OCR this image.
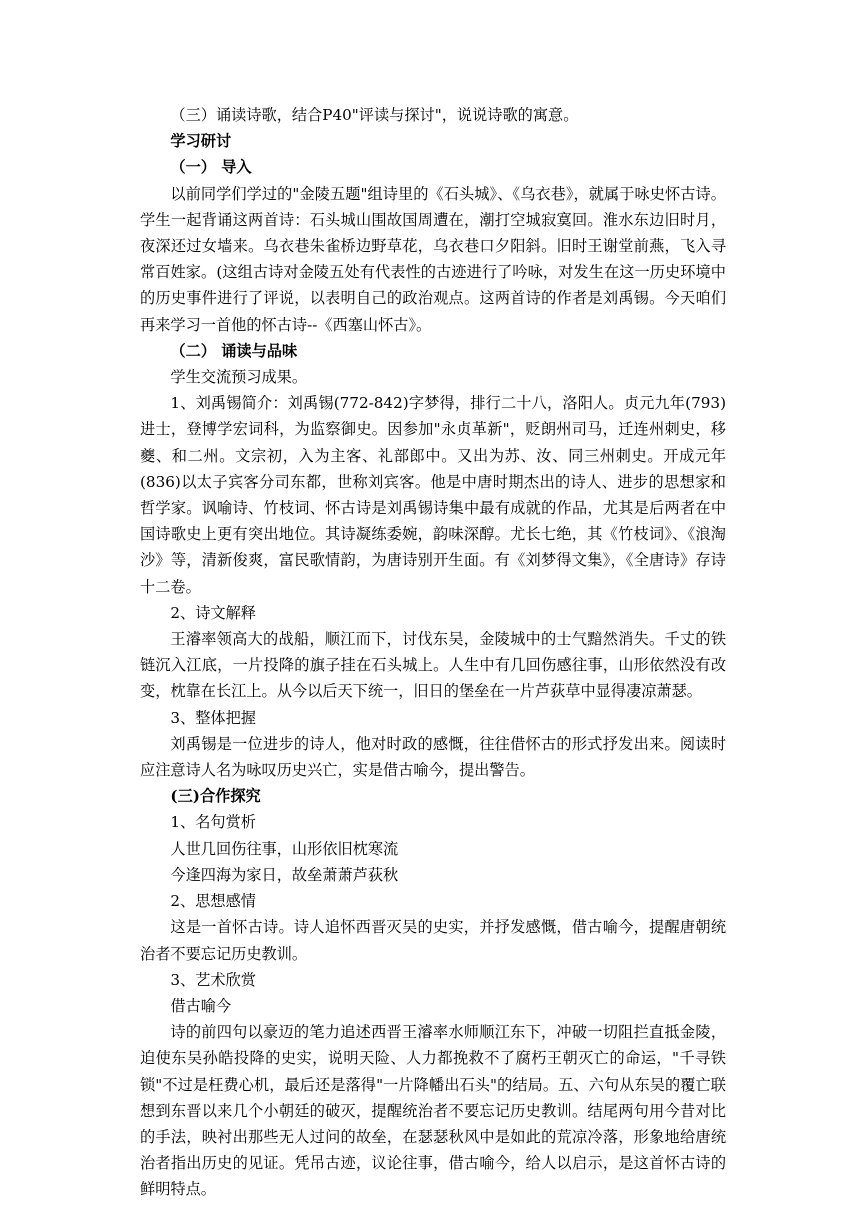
（三）诵读诗歌，结合P40"评读与探讨"，说说诗歌的寓意。

学习研讨

（一） 导入

以前同学们学过的"金陵五题"组诗里的《石头城》、《乌衣巷》，就属于咏史怀古诗。学生一起背诵这两首诗：石头城山围故国周遭在，潮打空城寂寞回。淮水东边旧时月，夜深还过女墙来。乌衣巷朱雀桥边野草花，乌衣巷口夕阳斜。旧时王谢堂前燕，飞入寻常百姓家。(这组古诗对金陵五处有代表性的古迹进行了吟咏，对发生在这一历史环境中的历史事件进行了评说，以表明自己的政治观点。这两首诗的作者是刘禹锡。今天咱们再来学习一首他的怀古诗--《西塞山怀古》。

（二） 诵读与品味

学生交流预习成果。

1、刘禹锡简介：刘禹锡(772-842)字梦得，排行二十八，洛阳人。贞元九年(793)进士，登博学宏词科，为监察御史。因参加"永贞革新"，贬朗州司马，迁连州刺史，移夔、和二州。文宗初，入为主客、礼部郎中。又出为苏、汝、同三州刺史。开成元年(836)以太子宾客分司东都，世称刘宾客。他是中唐时期杰出的诗人、进步的思想家和哲学家。讽喻诗、竹枝词、怀古诗是刘禹锡诗集中最有成就的作品，尤其是后两者在中国诗歌史上更有突出地位。其诗凝练委婉，韵味深醇。尤长七绝，其《竹枝词》、《浪淘沙》等，清新俊爽，富民歌情韵，为唐诗别开生面。有《刘梦得文集》，《全唐诗》存诗十二卷。

2、诗文解释

王濬率领高大的战船，顺江而下，讨伐东吴，金陵城中的士气黯然消失。千丈的铁链沉入江底，一片投降的旗子挂在石头城上。人生中有几回伤感往事，山形依然没有改变，枕靠在长江上。从今以后天下统一，旧日的堡垒在一片芦荻草中显得凄凉萧瑟。

3、整体把握

刘禹锡是一位进步的诗人，他对时政的感慨，往往借怀古的形式抒发出来。阅读时应注意诗人名为咏叹历史兴亡，实是借古喻今，提出警告。

(三)合作探究

1、名句赏析

人世几回伤往事，山形依旧枕寒流

今逢四海为家日，故垒萧萧芦荻秋

2、思想感情

这是一首怀古诗。诗人追怀西晋灭吴的史实，并抒发感慨，借古喻今，提醒唐朝统治者不要忘记历史教训。

3、艺术欣赏

借古喻今

诗的前四句以豪迈的笔力追述西晋王濬率水师顺江东下，冲破一切阻拦直抵金陵，迫使东吴孙皓投降的史实，说明天险、人力都挽救不了腐朽王朝灭亡的命运，"千寻铁锁"不过是枉费心机，最后还是落得"一片降幡出石头"的结局。五、六句从东吴的覆亡联想到东晋以来几个小朝廷的破灭，提醒统治者不要忘记历史教训。结尾两句用今昔对比的手法，映衬出那些无人过问的故垒，在瑟瑟秋风中是如此的荒凉冷落，形象地给唐统治者指出历史的见证。凭吊古迹，议论往事，借古喻今，给人以启示，是这首怀古诗的鲜明特点。
